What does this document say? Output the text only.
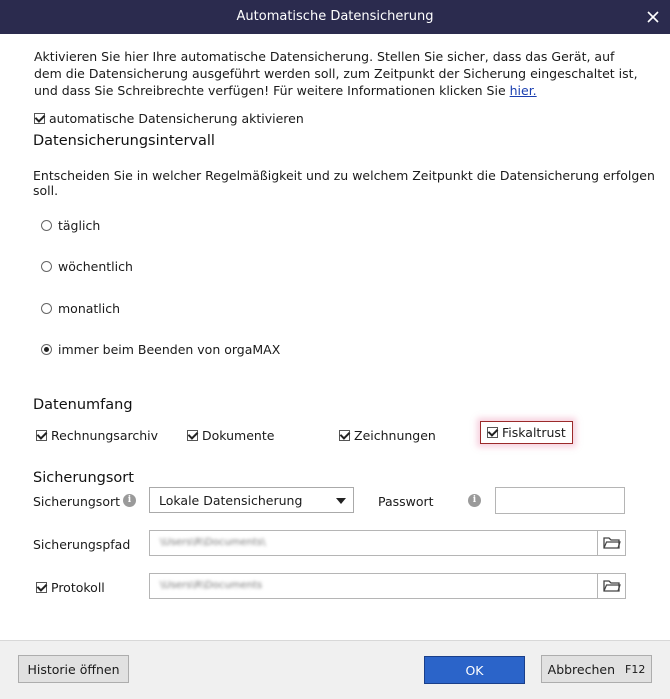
Automatische Datensicherung
Aktivieren Sie hier Ihre automatische Datensicherung. Stellen Sie sicher, dass das Gerät, auf dem die Datensicherung ausgeführt werden soll, zum Zeitpunkt der Sicherung eingeschaltet ist, und dass Sie Schreibrechte verfügen! Für weitere Informationen klicken Sie hier.
automatische Datensicherung aktivieren
Datensicherungsintervall
Entscheiden Sie in welcher Regelmäßigkeit und zu welchem Zeitpunkt die Datensicherung erfolgen soll.
täglich
wöchentlich
monatlich
immer beim Beenden von orgaMAX
Datenumfang
Rechnungsarchiv	Dokumente	Zeichnungen	Fiskaltrust
Sicherungsort
Sicherungsort i	Lokale Datensicherung	Passwort	i
Sicherungspfad	\Users\R\Documents\
Protokoll	\Users\R\Documents
Historie öffnen	OK	Abbrechen F12
